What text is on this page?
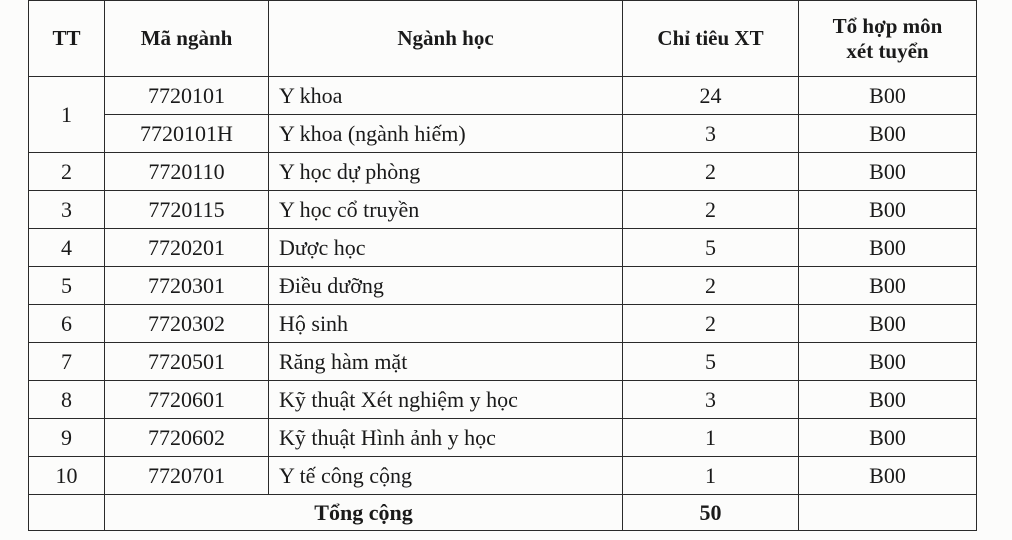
TT	Mã ngành	Ngành học	Chỉ tiêu XT	Tổ hợp môn
xét tuyển

1	7720101	Y khoa	24	B00
	7720101H	Y khoa (ngành hiếm)	3	B00
2	7720110	Y học dự phòng	2	B00
3	7720115	Y học cổ truyền	2	B00
4	7720201	Dược học	5	B00
5	7720301	Điều dưỡng	2	B00
6	7720302	Hộ sinh	2	B00
7	7720501	Răng hàm mặt	5	B00
8	7720601	Kỹ thuật Xét nghiệm y học	3	B00
9	7720602	Kỹ thuật Hình ảnh y học	1	B00
10	7720701	Y tế công cộng	1	B00
	Tổng cộng		50	
